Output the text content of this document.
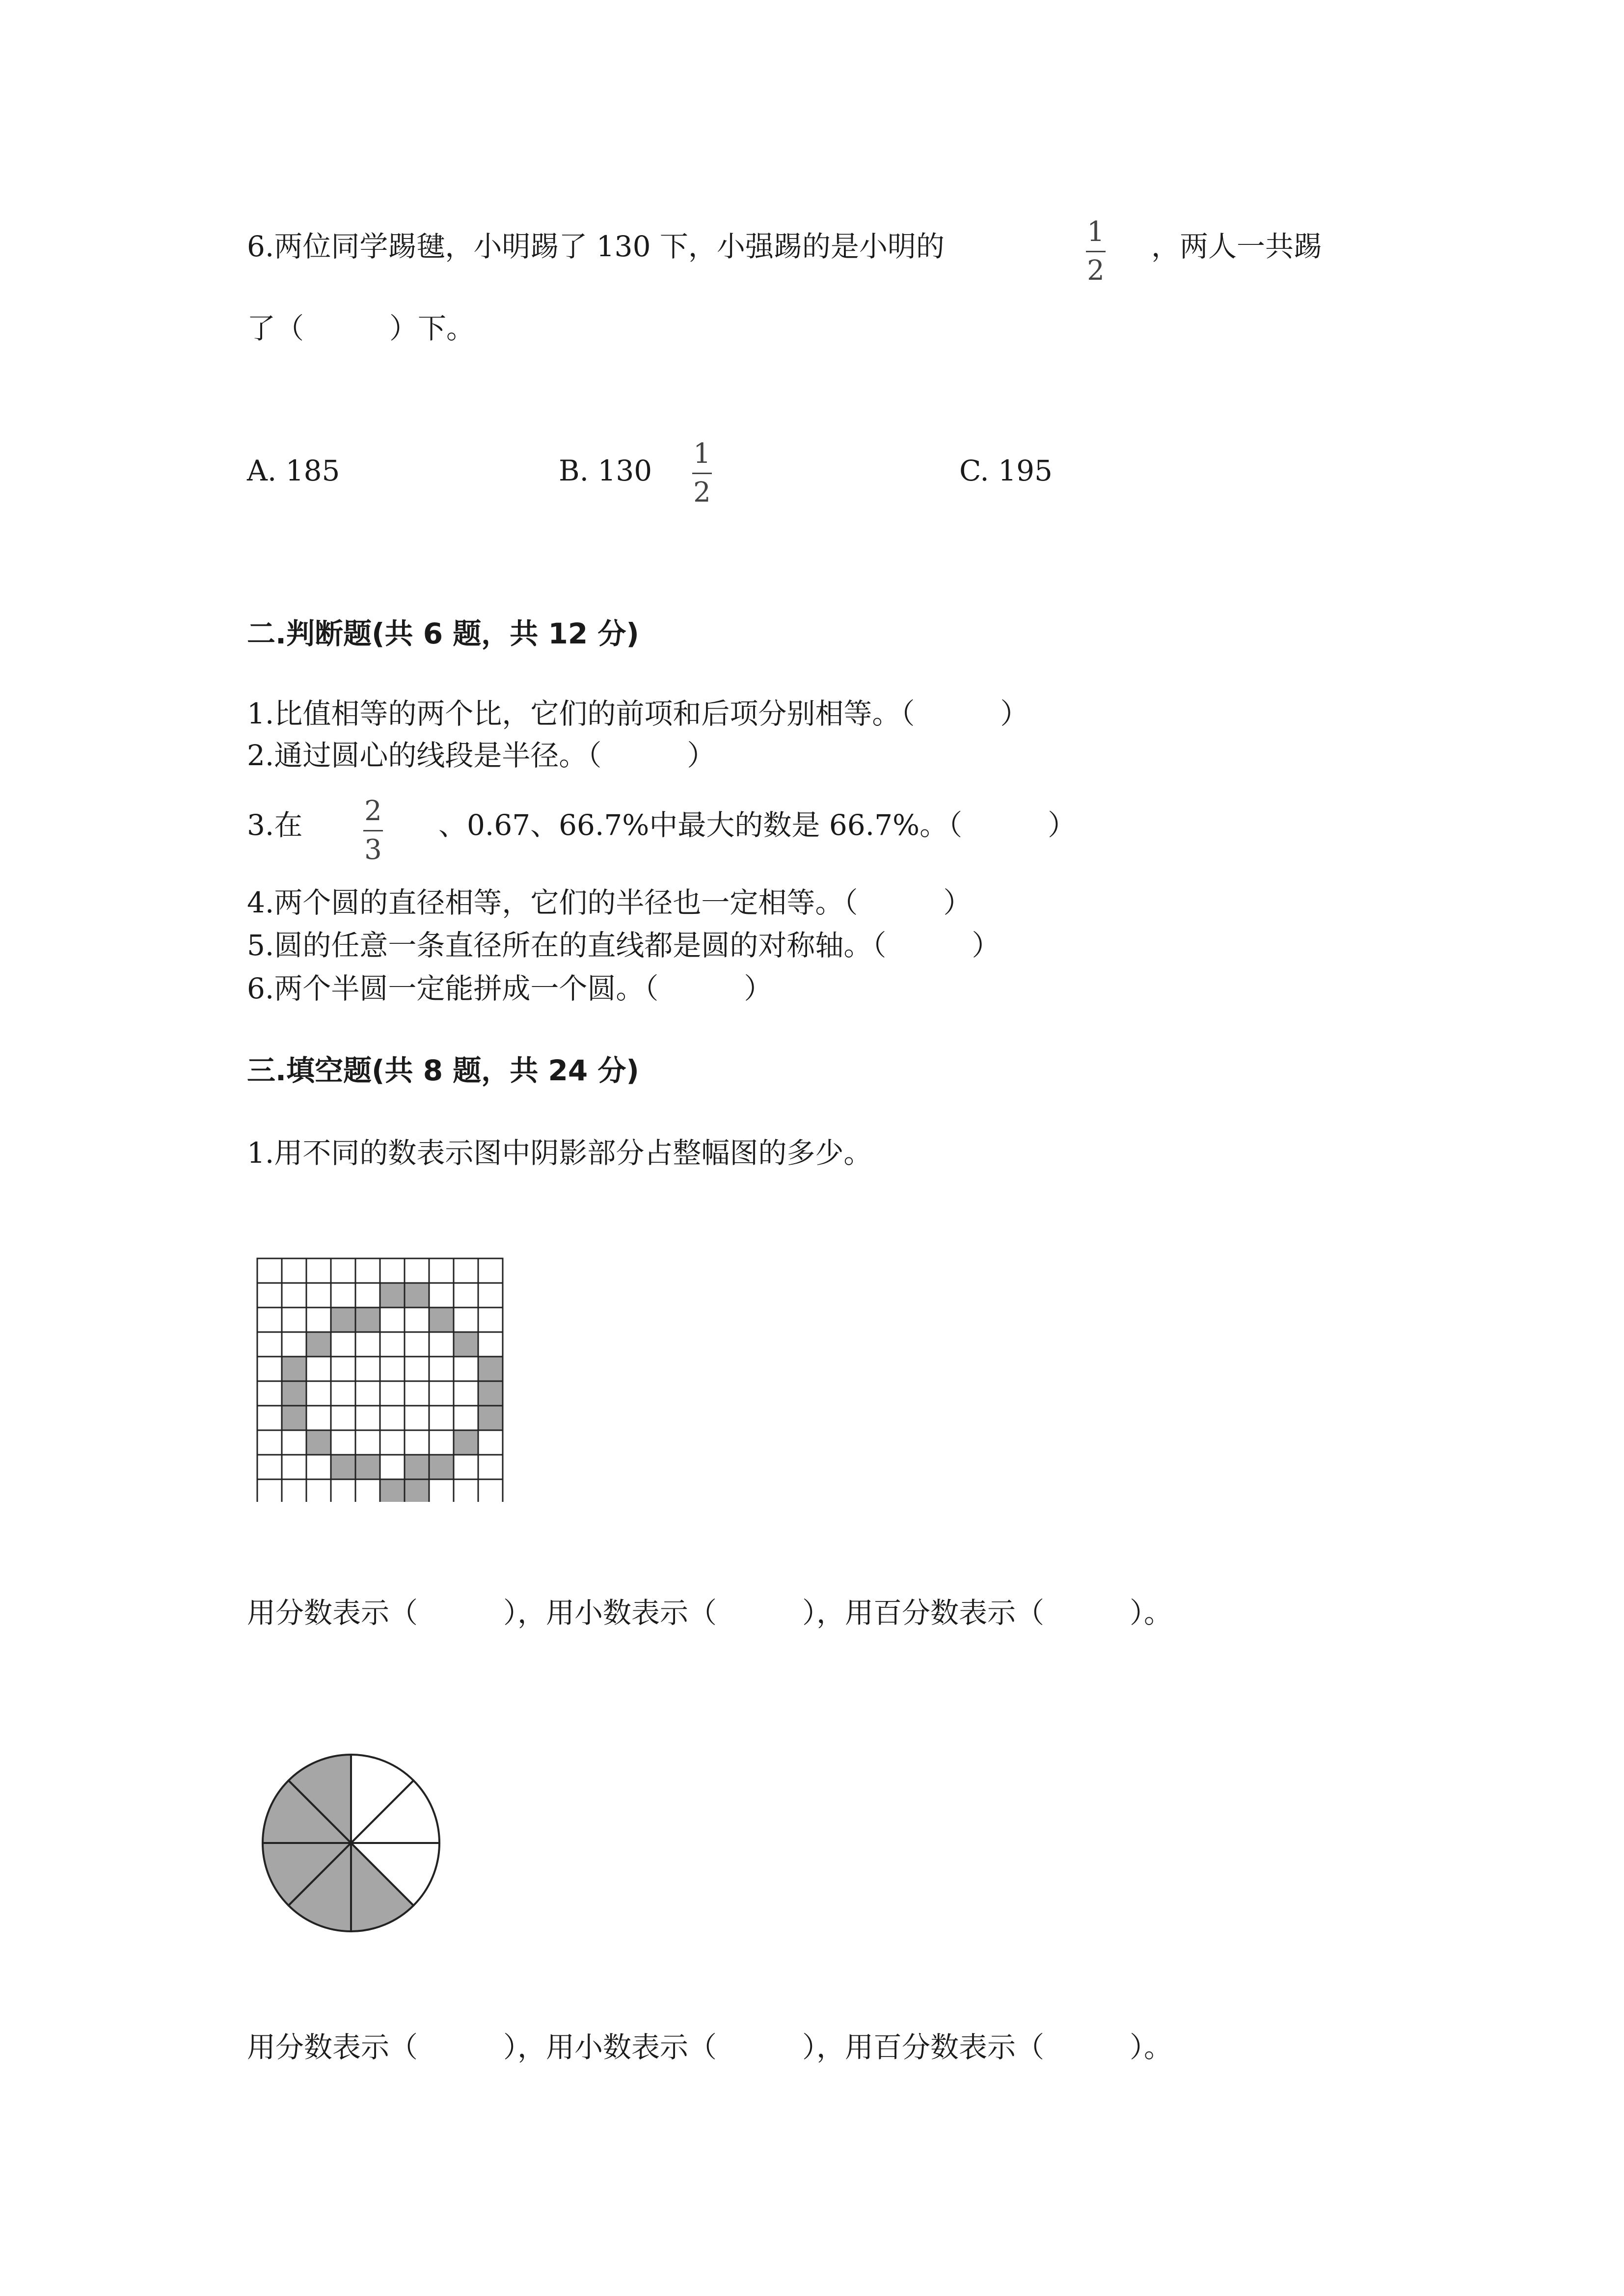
6.两位同学踢毽，小明踢了 130 下，小强踢的是小明的	1
2
，两人一共踢
了（　　　）下。
A. 185	B. 130
1
2
C. 195
二.判断题(共 6 题，共 12 分)
1.比值相等的两个比，它们的前项和后项分别相等。（　　　）
2.通过圆心的线段是半径。（　　　）
3.在 2
3
、0.67、66.7%中最大的数是 66.7%。（　　　）
4.两个圆的直径相等，它们的半径也一定相等。（　　　）
5.圆的任意一条直径所在的直线都是圆的对称轴。（　　　）
6.两个半圆一定能拼成一个圆。（　　　）
三.填空题(共 8 题，共 24 分)
1.用不同的数表示图中阴影部分占整幅图的多少。
用分数表示（　　　），用小数表示（　　　），用百分数表示（　　　）。
用分数表示（　　　），用小数表示（　　　），用百分数表示（　　　）。
